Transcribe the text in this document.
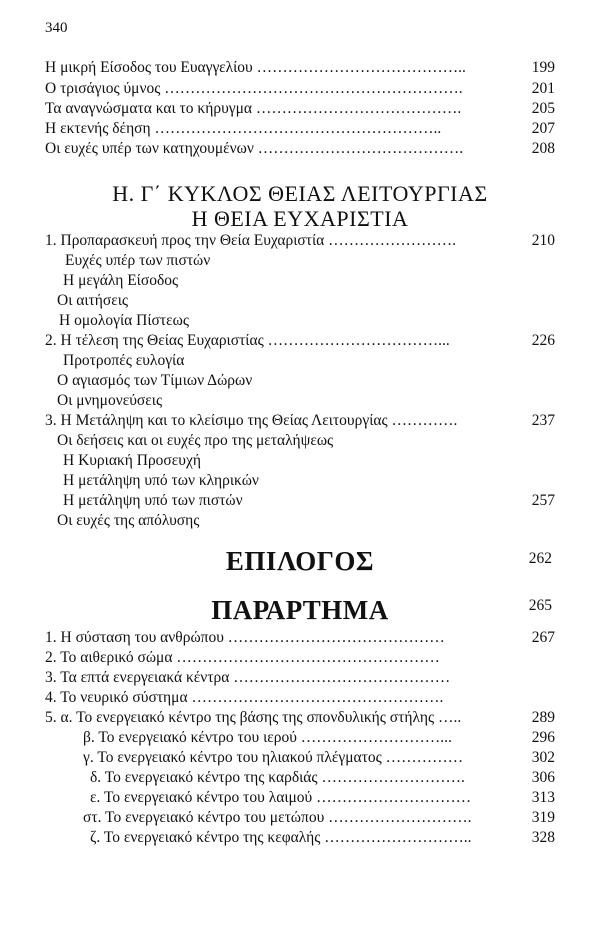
340
Η μικρή Είσοδος του Ευαγγελίου …………………………………..	199
Ο τρισάγιος ύμνος ………………………………………………….	201
Τα αναγνώσματα και το κήρυγμα ………………………………….	205
Η εκτενής δέηση ………………………………………………..	207
Οι ευχές υπέρ των κατηχουμένων ………………………………….	208
Η. Γ΄ ΚΥΚΛΟΣ ΘΕΙΑΣ ΛΕΙΤΟΥΡΓΙΑΣ
Η ΘΕΙΑ ΕΥΧΑΡΙΣΤΙΑ
1. Προπαρασκευή προς την Θεία Ευχαριστία …………………….	210
Ευχές υπέρ των πιστών
Η μεγάλη Είσοδος
Οι αιτήσεις
Η ομολογία Πίστεως
2. Η τέλεση της Θείας Ευχαριστίας ……………………………...	226
Προτροπές ευλογία
Ο αγιασμός των Τίμιων Δώρων
Οι μνημονεύσεις
3. Η Μετάληψη και το κλείσιμο της Θείας Λειτουργίας ………….	237
Οι δεήσεις και οι ευχές προ της μεταλήψεως
Η Κυριακή Προσευχή
Η μετάληψη υπό των κληρικών
Η μετάληψη υπό των πιστών	257
Οι ευχές της απόλυσης
ΕΠΙΛΟΓΟΣ	262
ΠΑΡΑΡΤΗΜΑ	265
1. Η σύσταση του ανθρώπου ……………………………………	267
2. Το αιθερικό σώμα ……………………………………………
3. Τα επτά ενεργειακά κέντρα ……………………………………
4. Το νευρικό σύστημα ………………………………………….
5. α. Το ενεργειακό κέντρο της βάσης της σπονδυλικής στήλης …..	289
β. Το ενεργειακό κέντρο του ιερού ………………………...	296
γ. Το ενεργειακό κέντρο του ηλιακού πλέγματος ……………	302
δ. Το ενεργειακό κέντρο της καρδιάς ……………………….	306
ε. Το ενεργειακό κέντρο του λαιμού …………………………	313
στ. Το ενεργειακό κέντρο του μετώπου ……………………….	319
ζ. Το ενεργειακό κέντρο της κεφαλής ………………………..	328
